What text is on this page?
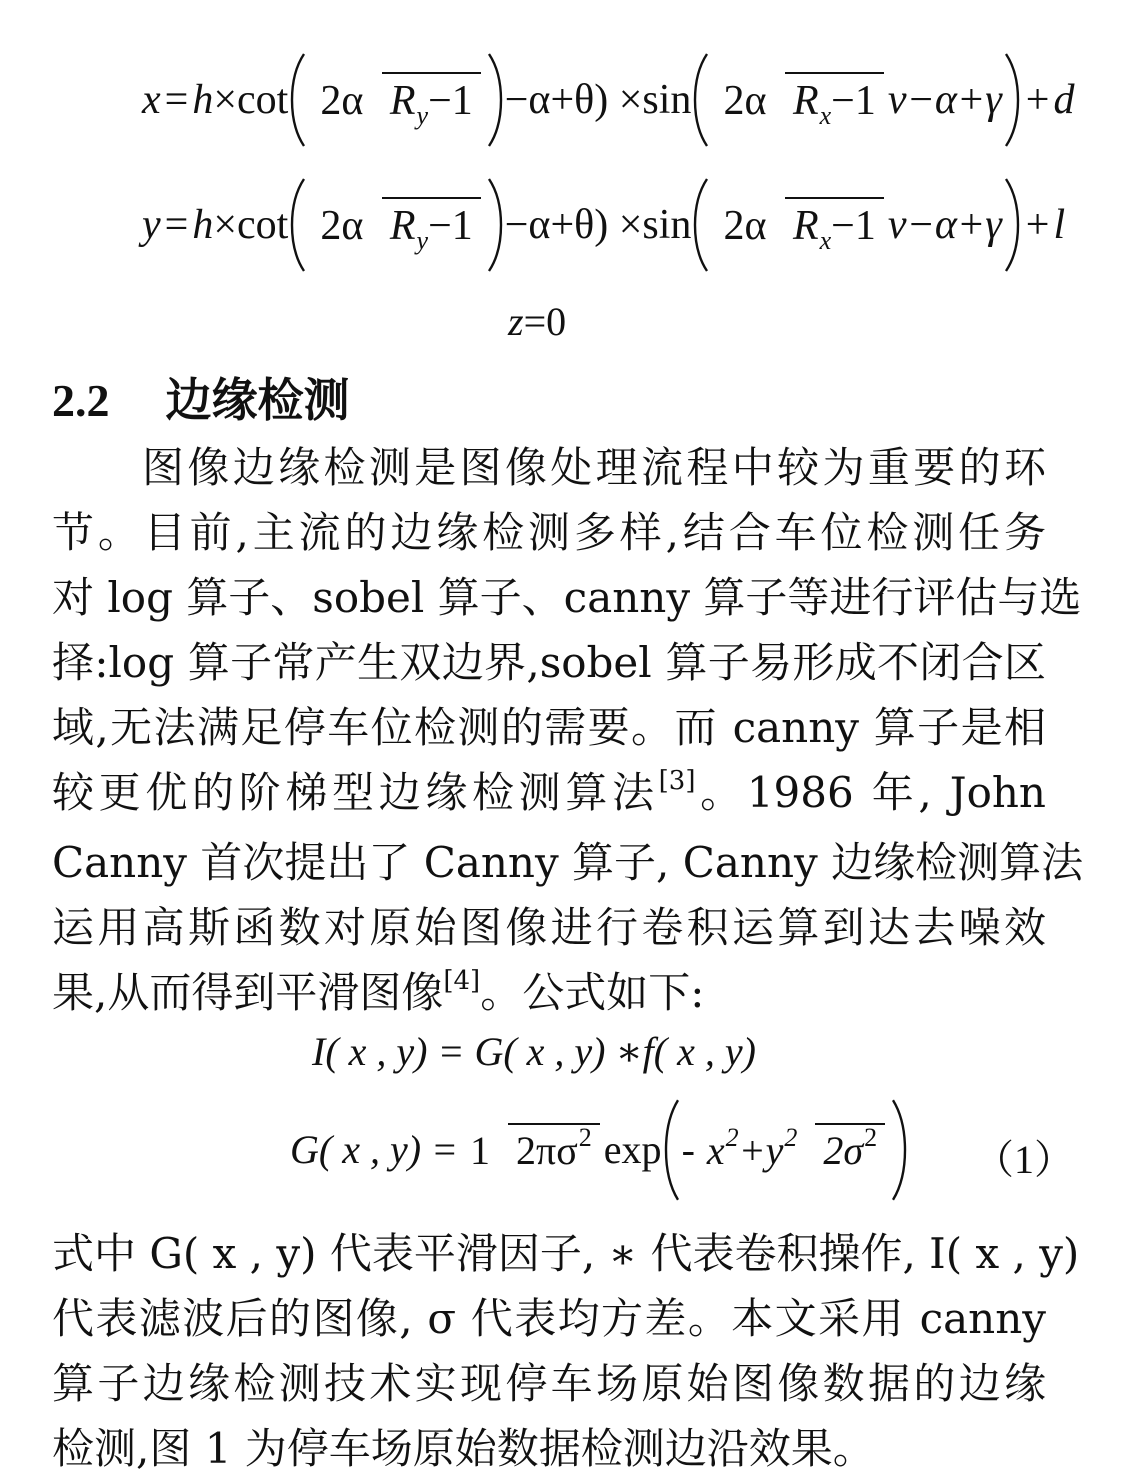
x = h × cot 2α Ry−1 −α+θ) ×sin 2α Rx−1 v−α+γ + d
y = h × cot 2α Ry−1 −α+θ) ×sin 2α Rx−1 v−α+γ + l
z =0
2.2 边缘检测
图像边缘检测是图像处理流程中较为重要的环
节。目前,主流的边缘检测多样,结合车位检测任务
对 log 算子、sobel 算子、canny 算子等进行评估与选
择:log 算子常产生双边界,sobel 算子易形成不闭合区
域,无法满足停车位检测的需要。而 canny 算子是相
较更优的阶梯型边缘检测算法[3]。1986 年, John
Canny 首次提出了 Canny 算子, Canny 边缘检测算法
运用高斯函数对原始图像进行卷积运算到达去噪效
果,从而得到平滑图像[4]。公式如下:
I( x , y) = G( x , y) ∗f( x , y)
G( x , y) = 1 2πσ2 exp - x2+y2 2σ2 （1）
式中 G( x , y) 代表平滑因子, ∗ 代表卷积操作, I( x , y)
代表滤波后的图像, σ 代表均方差。本文采用 canny
算子边缘检测技术实现停车场原始图像数据的边缘
检测,图 1 为停车场原始数据检测边沿效果。
